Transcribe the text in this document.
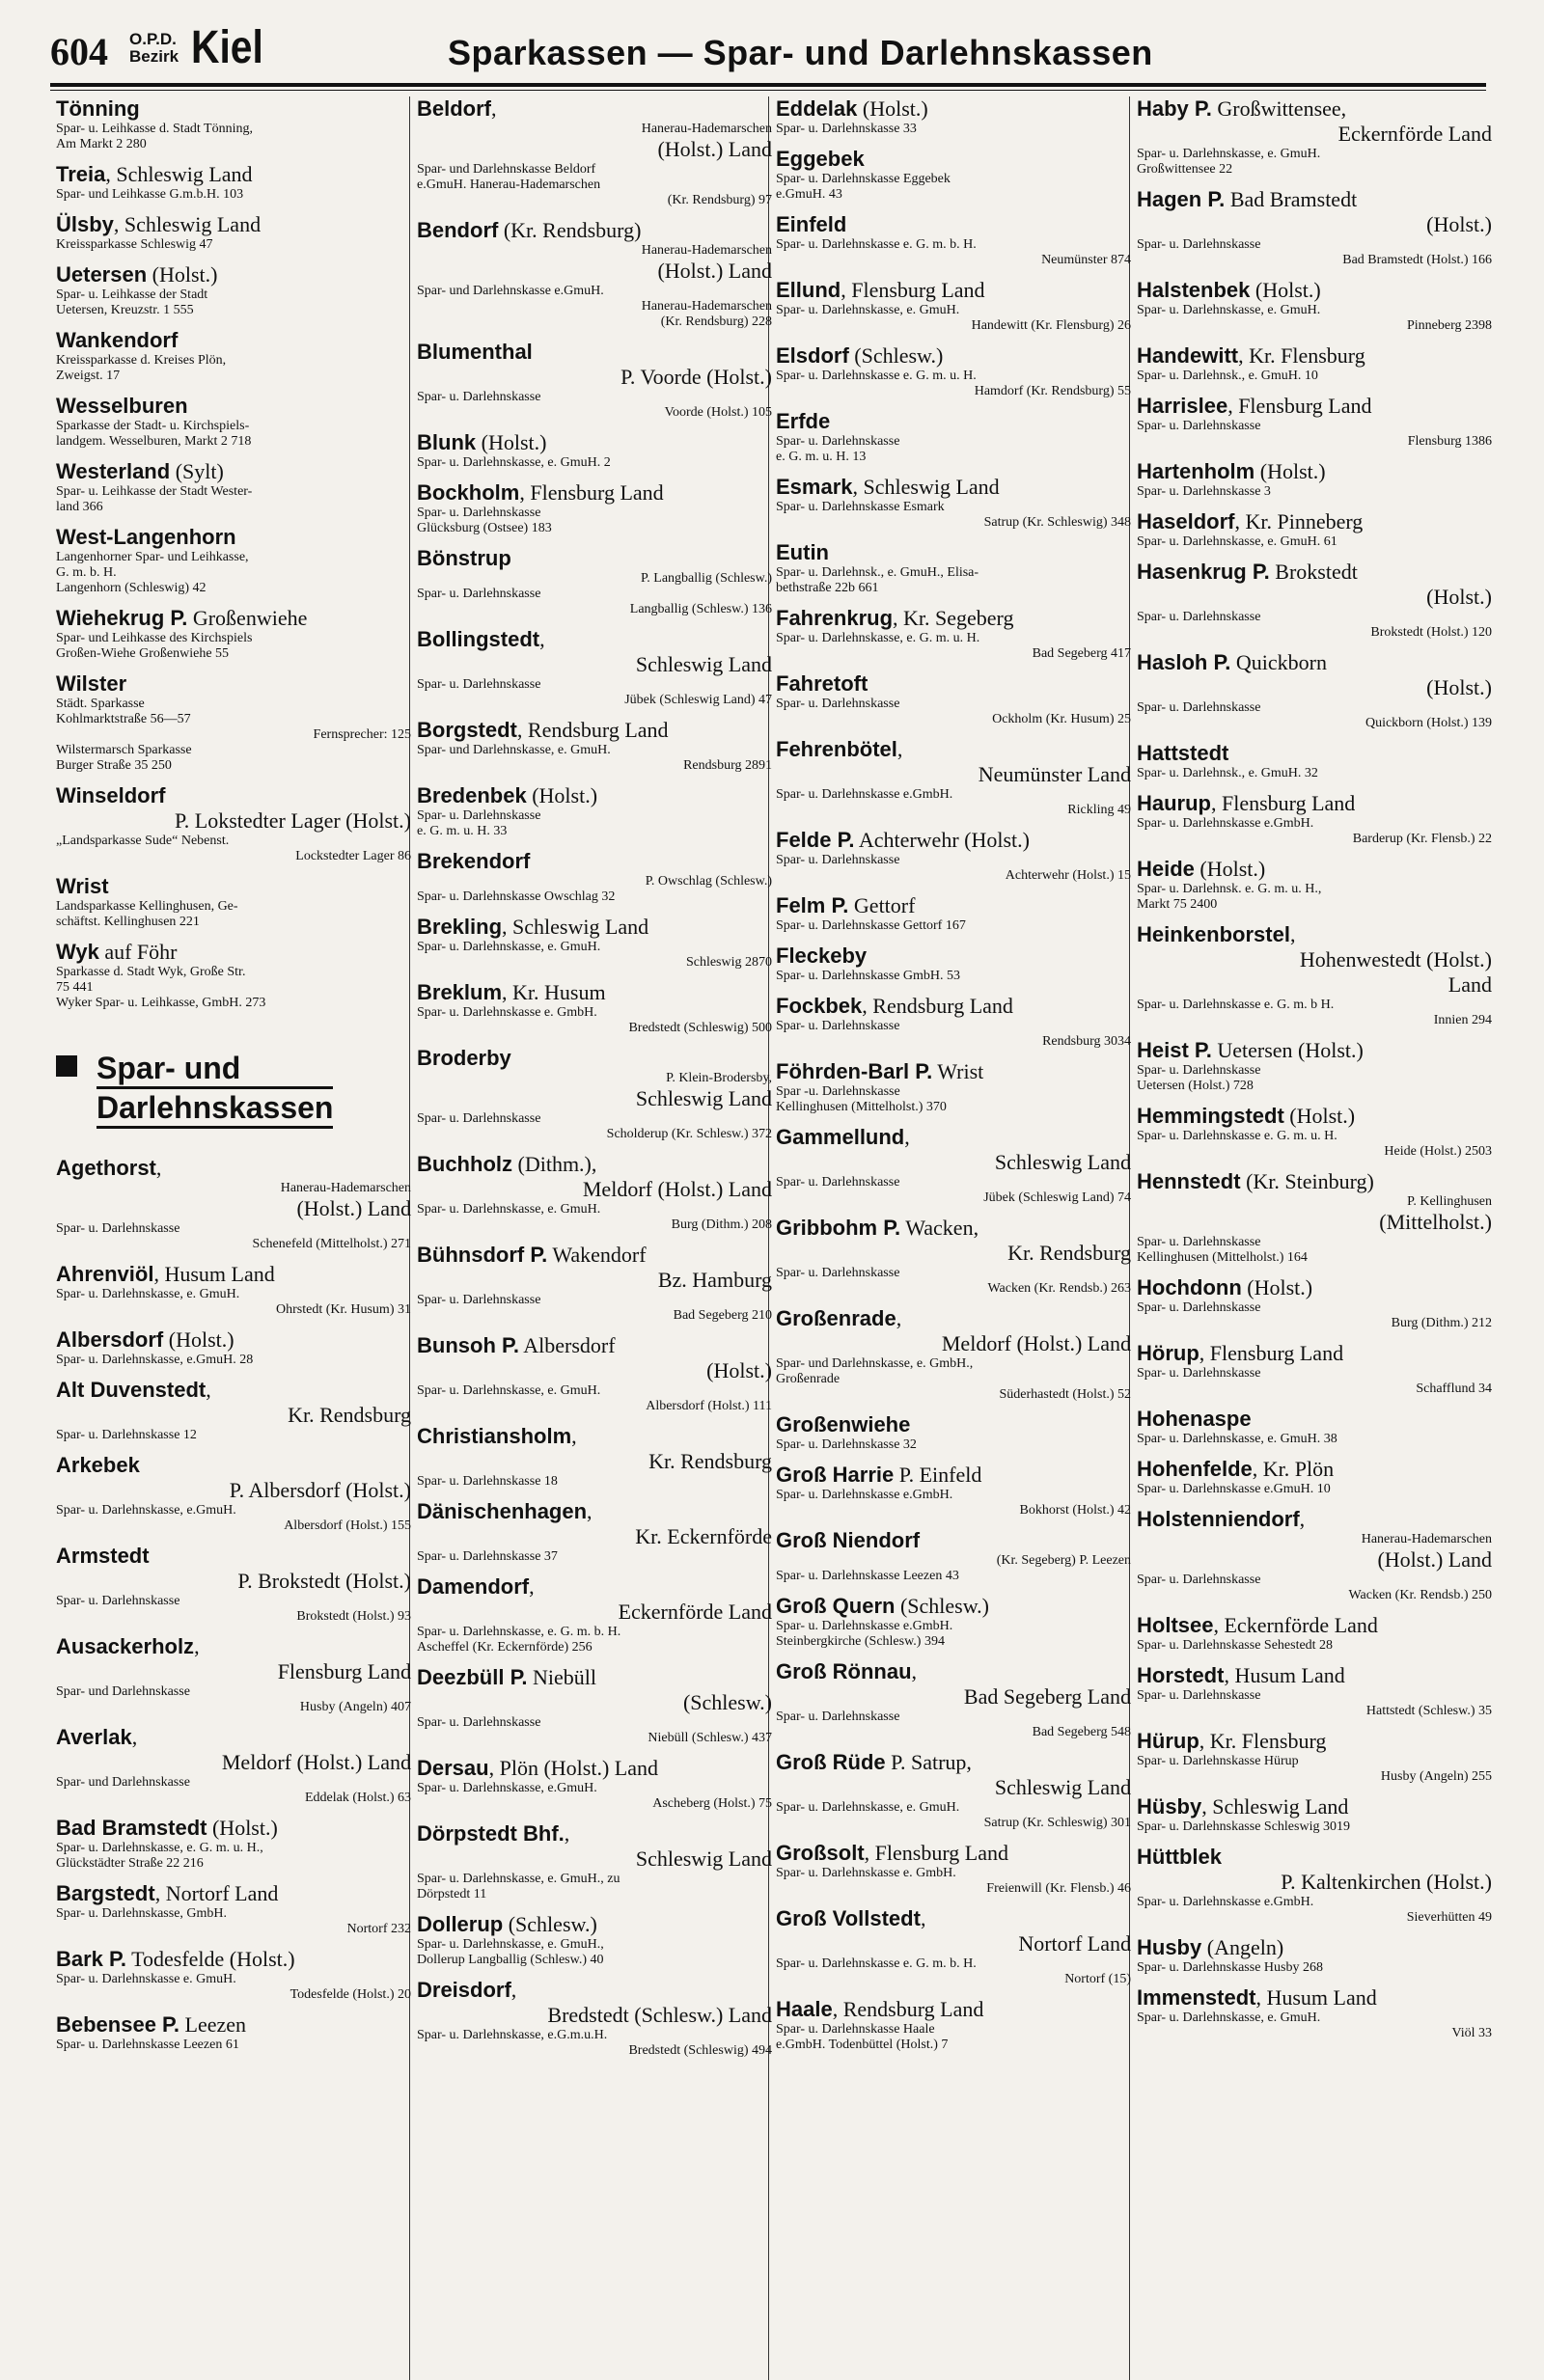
604 O.P.D.
Bezirk Kiel	Sparkassen — Spar- und Darlehnskassen
Tönning
Spar- u. Leihkasse d. Stadt Tönning,
Am Markt 2 280
Treia, Schleswig Land
Spar- und Leihkasse G.m.b.H. 103
Ülsby, Schleswig Land
Kreissparkasse Schleswig 47
Uetersen (Holst.)
Spar- u. Leihkasse der Stadt
Uetersen, Kreuzstr. 1 555
Wankendorf
Kreissparkasse d. Kreises Plön,
Zweigst. 17
Wesselburen
Sparkasse der Stadt- u. Kirchspiels-
landgem. Wesselburen, Markt 2 718
Westerland (Sylt)
Spar- u. Leihkasse der Stadt Wester-
land 366
West-Langenhorn
Langenhorner Spar- und Leihkasse,
G. m. b. H.
Langenhorn (Schleswig) 42
Wiehekrug P. Großenwiehe
Spar- und Leihkasse des Kirchspiels
Großen-Wiehe Großenwiehe 55
Wilster
Städt. Sparkasse
Kohlmarktstraße 56—57
Fernsprecher: 125
Wilstermarsch Sparkasse
Burger Straße 35 250
Winseldorf
P. Lokstedter Lager (Holst.)
„Landsparkasse Sude“ Nebenst.
Lockstedter Lager 86
Wrist
Landsparkasse Kellinghusen, Ge-
schäftst. Kellinghusen 221
Wyk auf Föhr
Sparkasse d. Stadt Wyk, Große Str.
75 441
Wyker Spar- u. Leihkasse, GmbH. 273
Spar- und
Darlehnskassen
Agethorst,
Hanerau-Hademarschen
(Holst.) Land
Spar- u. Darlehnskasse
Schenefeld (Mittelholst.) 271
Ahrenviöl, Husum Land
Spar- u. Darlehnskasse, e. GmuH.
Ohrstedt (Kr. Husum) 31
Albersdorf (Holst.)
Spar- u. Darlehnskasse, e.GmuH. 28
Alt Duvenstedt,
Kr. Rendsburg
Spar- u. Darlehnskasse 12
Arkebek
P. Albersdorf (Holst.)
Spar- u. Darlehnskasse, e.GmuH.
Albersdorf (Holst.) 155
Armstedt
P. Brokstedt (Holst.)
Spar- u. Darlehnskasse
Brokstedt (Holst.) 93
Ausackerholz,
Flensburg Land
Spar- und Darlehnskasse
Husby (Angeln) 407
Averlak,
Meldorf (Holst.) Land
Spar- und Darlehnskasse
Eddelak (Holst.) 63
Bad Bramstedt (Holst.)
Spar- u. Darlehnskasse, e. G. m. u. H.,
Glückstädter Straße 22 216
Bargstedt, Nortorf Land
Spar- u. Darlehnskasse, GmbH.
Nortorf 232
Bark P. Todesfelde (Holst.)
Spar- u. Darlehnskasse e. GmuH.
Todesfelde (Holst.) 20
Bebensee P. Leezen
Spar- u. Darlehnskasse Leezen 61
Beldorf,
Hanerau-Hademarschen
(Holst.) Land
Spar- und Darlehnskasse Beldorf
e.GmuH. Hanerau-Hademarschen
(Kr. Rendsburg) 97
Bendorf (Kr. Rendsburg)
Hanerau-Hademarschen
(Holst.) Land
Spar- und Darlehnskasse e.GmuH.
Hanerau-Hademarschen
(Kr. Rendsburg) 228
Blumenthal
P. Voorde (Holst.)
Spar- u. Darlehnskasse
Voorde (Holst.) 105
Blunk (Holst.)
Spar- u. Darlehnskasse, e. GmuH. 2
Bockholm, Flensburg Land
Spar- u. Darlehnskasse
Glücksburg (Ostsee) 183
Bönstrup
P. Langballig (Schlesw.)
Spar- u. Darlehnskasse
Langballig (Schlesw.) 136
Bollingstedt,
Schleswig Land
Spar- u. Darlehnskasse
Jübek (Schleswig Land) 47
Borgstedt, Rendsburg Land
Spar- und Darlehnskasse, e. GmuH.
Rendsburg 2891
Bredenbek (Holst.)
Spar- u. Darlehnskasse
e. G. m. u. H. 33
Brekendorf
P. Owschlag (Schlesw.)
Spar- u. Darlehnskasse Owschlag 32
Brekling, Schleswig Land
Spar- u. Darlehnskasse, e. GmuH.
Schleswig 2870
Breklum, Kr. Husum
Spar- u. Darlehnskasse e. GmbH.
Bredstedt (Schleswig) 500
Broderby
P. Klein-Brodersby,
Schleswig Land
Spar- u. Darlehnskasse
Scholderup (Kr. Schlesw.) 372
Buchholz (Dithm.),
Meldorf (Holst.) Land
Spar- u. Darlehnskasse, e. GmuH.
Burg (Dithm.) 208
Bühnsdorf P. Wakendorf
Bz. Hamburg
Spar- u. Darlehnskasse
Bad Segeberg 210
Bunsoh P. Albersdorf
(Holst.)
Spar- u. Darlehnskasse, e. GmuH.
Albersdorf (Holst.) 111
Christiansholm,
Kr. Rendsburg
Spar- u. Darlehnskasse 18
Dänischenhagen,
Kr. Eckernförde
Spar- u. Darlehnskasse 37
Damendorf,
Eckernförde Land
Spar- u. Darlehnskasse, e. G. m. b. H.
Ascheffel (Kr. Eckernförde) 256
Deezbüll P. Niebüll
(Schlesw.)
Spar- u. Darlehnskasse
Niebüll (Schlesw.) 437
Dersau, Plön (Holst.) Land
Spar- u. Darlehnskasse, e.GmuH.
Ascheberg (Holst.) 75
Dörpstedt Bhf.,
Schleswig Land
Spar- u. Darlehnskasse, e. GmuH., zu
Dörpstedt 11
Dollerup (Schlesw.)
Spar- u. Darlehnskasse, e. GmuH.,
Dollerup Langballig (Schlesw.) 40
Dreisdorf,
Bredstedt (Schlesw.) Land
Spar- u. Darlehnskasse, e.G.m.u.H.
Bredstedt (Schleswig) 494
Eddelak (Holst.)
Spar- u. Darlehnskasse 33
Eggebek
Spar- u. Darlehnskasse Eggebek
e.GmuH. 43
Einfeld
Spar- u. Darlehnskasse e. G. m. b. H.
Neumünster 874
Ellund, Flensburg Land
Spar- u. Darlehnskasse, e. GmuH.
Handewitt (Kr. Flensburg) 26
Elsdorf (Schlesw.)
Spar- u. Darlehnskasse e. G. m. u. H.
Hamdorf (Kr. Rendsburg) 55
Erfde
Spar- u. Darlehnskasse
e. G. m. u. H. 13
Esmark, Schleswig Land
Spar- u. Darlehnskasse Esmark
Satrup (Kr. Schleswig) 348
Eutin
Spar- u. Darlehnsk., e. GmuH., Elisa-
bethstraße 22b 661
Fahrenkrug, Kr. Segeberg
Spar- u. Darlehnskasse, e. G. m. u. H.
Bad Segeberg 417
Fahretoft
Spar- u. Darlehnskasse
Ockholm (Kr. Husum) 25
Fehrenbötel,
Neumünster Land
Spar- u. Darlehnskasse e.GmbH.
Rickling 49
Felde P. Achterwehr (Holst.)
Spar- u. Darlehnskasse
Achterwehr (Holst.) 15
Felm P. Gettorf
Spar- u. Darlehnskasse Gettorf 167
Fleckeby
Spar- u. Darlehnskasse GmbH. 53
Fockbek, Rendsburg Land
Spar- u. Darlehnskasse
Rendsburg 3034
Föhrden-Barl P. Wrist
Spar -u. Darlehnskasse
Kellinghusen (Mittelholst.) 370
Gammellund,
Schleswig Land
Spar- u. Darlehnskasse
Jübek (Schleswig Land) 74
Gribbohm P. Wacken,
Kr. Rendsburg
Spar- u. Darlehnskasse
Wacken (Kr. Rendsb.) 263
Großenrade,
Meldorf (Holst.) Land
Spar- und Darlehnskasse, e. GmbH.,
Großenrade
Süderhastedt (Holst.) 52
Großenwiehe
Spar- u. Darlehnskasse 32
Groß Harrie P. Einfeld
Spar- u. Darlehnskasse e.GmbH.
Bokhorst (Holst.) 42
Groß Niendorf
(Kr. Segeberg) P. Leezen
Spar- u. Darlehnskasse Leezen 43
Groß Quern (Schlesw.)
Spar- u. Darlehnskasse e.GmbH.
Steinbergkirche (Schlesw.) 394
Groß Rönnau,
Bad Segeberg Land
Spar- u. Darlehnskasse
Bad Segeberg 548
Groß Rüde P. Satrup,
Schleswig Land
Spar- u. Darlehnskasse, e. GmuH.
Satrup (Kr. Schleswig) 301
Großsolt, Flensburg Land
Spar- u. Darlehnskasse e. GmbH.
Freienwill (Kr. Flensb.) 46
Groß Vollstedt,
Nortorf Land
Spar- u. Darlehnskasse e. G. m. b. H.
Nortorf (15)
Haale, Rendsburg Land
Spar- u. Darlehnskasse Haale
e.GmbH. Todenbüttel (Holst.) 7
Haby P. Großwittensee,
Eckernförde Land
Spar- u. Darlehnskasse, e. GmuH.
Großwittensee 22
Hagen P. Bad Bramstedt
(Holst.)
Spar- u. Darlehnskasse
Bad Bramstedt (Holst.) 166
Halstenbek (Holst.)
Spar- u. Darlehnskasse, e. GmuH.
Pinneberg 2398
Handewitt, Kr. Flensburg
Spar- u. Darlehnsk., e. GmuH. 10
Harrislee, Flensburg Land
Spar- u. Darlehnskasse
Flensburg 1386
Hartenholm (Holst.)
Spar- u. Darlehnskasse 3
Haseldorf, Kr. Pinneberg
Spar- u. Darlehnskasse, e. GmuH. 61
Hasenkrug P. Brokstedt
(Holst.)
Spar- u. Darlehnskasse
Brokstedt (Holst.) 120
Hasloh P. Quickborn
(Holst.)
Spar- u. Darlehnskasse
Quickborn (Holst.) 139
Hattstedt
Spar- u. Darlehnsk., e. GmuH. 32
Haurup, Flensburg Land
Spar- u. Darlehnskasse e.GmbH.
Barderup (Kr. Flensb.) 22
Heide (Holst.)
Spar- u. Darlehnsk. e. G. m. u. H.,
Markt 75 2400
Heinkenborstel,
Hohenwestedt (Holst.)
Land
Spar- u. Darlehnskasse e. G. m. b H.
Innien 294
Heist P. Uetersen (Holst.)
Spar- u. Darlehnskasse
Uetersen (Holst.) 728
Hemmingstedt (Holst.)
Spar- u. Darlehnskasse e. G. m. u. H.
Heide (Holst.) 2503
Hennstedt (Kr. Steinburg)
P. Kellinghusen
(Mittelholst.)
Spar- u. Darlehnskasse
Kellinghusen (Mittelholst.) 164
Hochdonn (Holst.)
Spar- u. Darlehnskasse
Burg (Dithm.) 212
Hörup, Flensburg Land
Spar- u. Darlehnskasse
Schafflund 34
Hohenaspe
Spar- u. Darlehnskasse, e. GmuH. 38
Hohenfelde, Kr. Plön
Spar- u. Darlehnskasse e.GmuH. 10
Holstenniendorf,
Hanerau-Hademarschen
(Holst.) Land
Spar- u. Darlehnskasse
Wacken (Kr. Rendsb.) 250
Holtsee, Eckernförde Land
Spar- u. Darlehnskasse Sehestedt 28
Horstedt, Husum Land
Spar- u. Darlehnskasse
Hattstedt (Schlesw.) 35
Hürup, Kr. Flensburg
Spar- u. Darlehnskasse Hürup
Husby (Angeln) 255
Hüsby, Schleswig Land
Spar- u. Darlehnskasse Schleswig 3019
Hüttblek
P. Kaltenkirchen (Holst.)
Spar- u. Darlehnskasse e.GmbH.
Sieverhütten 49
Husby (Angeln)
Spar- u. Darlehnskasse Husby 268
Immenstedt, Husum Land
Spar- u. Darlehnskasse, e. GmuH.
Viöl 33
